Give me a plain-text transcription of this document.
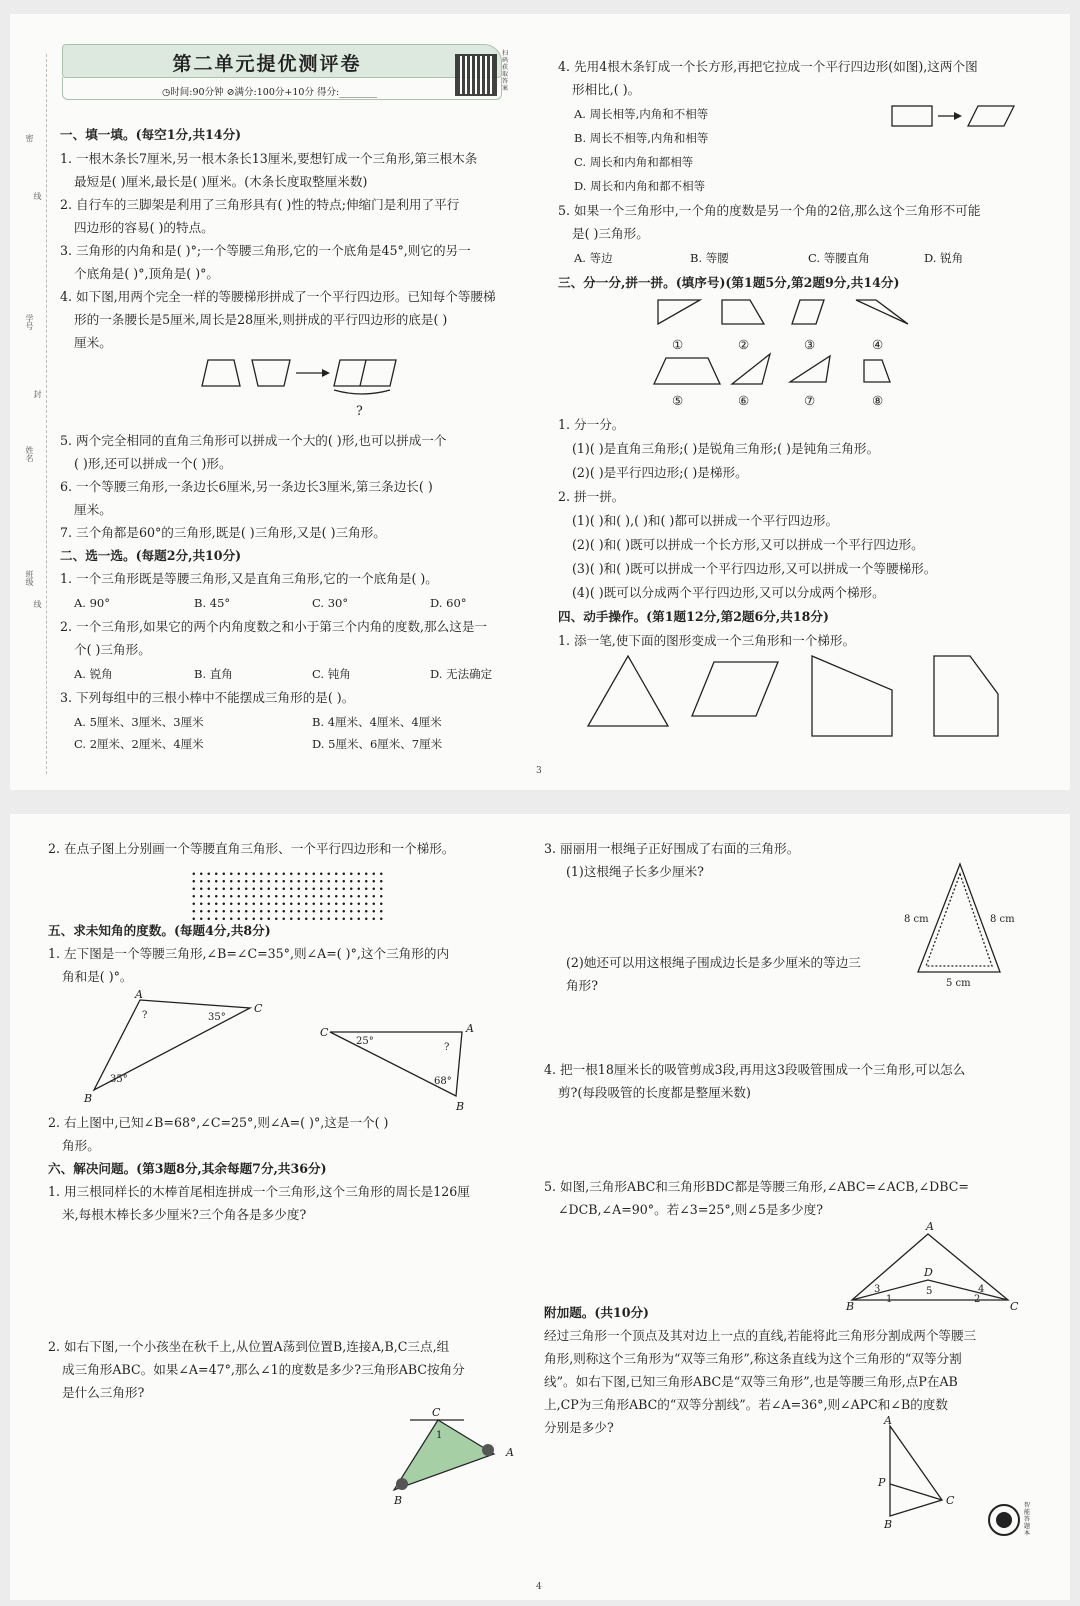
密
线
学号
封
姓名
班级
线
第二单元提优测评卷
◷时间:90分钟 ⊘满分:100分+10分 得分:________
扫码获取答案
一、填一填。(每空1分,共14分)
1. 一根木条长7厘米,另一根木条长13厘米,要想钉成一个三角形,第三根木条
最短是( )厘米,最长是( )厘米。(木条长度取整厘米数)
2. 自行车的三脚架是利用了三角形具有( )性的特点;伸缩门是利用了平行
四边形的容易( )的特点。
3. 三角形的内角和是( )°;一个等腰三角形,它的一个底角是45°,则它的另一
个底角是( )°,顶角是( )°。
4. 如下图,用两个完全一样的等腰梯形拼成了一个平行四边形。已知每个等腰梯
形的一条腰长是5厘米,周长是28厘米,则拼成的平行四边形的底是( )
厘米。
?
5. 两个完全相同的直角三角形可以拼成一个大的( )形,也可以拼成一个
( )形,还可以拼成一个( )形。
6. 一个等腰三角形,一条边长6厘米,另一条边长3厘米,第三条边长( )
厘米。
7. 三个角都是60°的三角形,既是( )三角形,又是( )三角形。
二、选一选。(每题2分,共10分)
1. 一个三角形既是等腰三角形,又是直角三角形,它的一个底角是( )。
A. 90°	B. 45°	C. 30°	D. 60°
2. 一个三角形,如果它的两个内角度数之和小于第三个内角的度数,那么这是一
个( )三角形。
A. 锐角	B. 直角	C. 钝角	D. 无法确定
3. 下列每组中的三根小棒中不能摆成三角形的是( )。
A. 5厘米、3厘米、3厘米	B. 4厘米、4厘米、4厘米
C. 2厘米、2厘米、4厘米	D. 5厘米、6厘米、7厘米
4. 先用4根木条钉成一个长方形,再把它拉成一个平行四边形(如图),这两个图
形相比,( )。
A. 周长相等,内角和不相等
B. 周长不相等,内角和相等
C. 周长和内角和都相等
D. 周长和内角和都不相等
5. 如果一个三角形中,一个角的度数是另一个角的2倍,那么这个三角形不可能
是( )三角形。
A. 等边	B. 等腰	C. 等腰直角	D. 锐角
三、分一分,拼一拼。(填序号)(第1题5分,第2题9分,共14分)
①	②	③	④
⑤	⑥	⑦	⑧
1. 分一分。
(1)( )是直角三角形;( )是锐角三角形;( )是钝角三角形。
(2)( )是平行四边形;( )是梯形。
2. 拼一拼。
(1)( )和( ),( )和( )都可以拼成一个平行四边形。
(2)( )和( )既可以拼成一个长方形,又可以拼成一个平行四边形。
(3)( )和( )既可以拼成一个平行四边形,又可以拼成一个等腰梯形。
(4)( )既可以分成两个平行四边形,又可以分成两个梯形。
四、动手操作。(第1题12分,第2题6分,共18分)
1. 添一笔,使下面的图形变成一个三角形和一个梯形。
3
2. 在点子图上分别画一个等腰直角三角形、一个平行四边形和一个梯形。
五、求未知角的度数。(每题4分,共8分)
1. 左下图是一个等腰三角形,∠B=∠C=35°,则∠A=( )°,这个三角形的内
角和是( )°。
A
B
C
?
35°
35°
C	A
B
25°
?
68°
2. 右上图中,已知∠B=68°,∠C=25°,则∠A=( )°,这是一个( )
角形。
六、解决问题。(第3题8分,其余每题7分,共36分)
1. 用三根同样长的木棒首尾相连拼成一个三角形,这个三角形的周长是126厘
米,每根木棒长多少厘米?三个角各是多少度?
2. 如右下图,一个小孩坐在秋千上,从位置A荡到位置B,连接A,B,C三点,组
成三角形ABC。如果∠A=47°,那么∠1的度数是多少?三角形ABC按角分
是什么三角形?
C
A
B
1
3. 丽丽用一根绳子正好围成了右面的三角形。
(1)这根绳子长多少厘米?
(2)她还可以用这根绳子围成边长是多少厘米的等边三
角形?
8 cm	8 cm
5 cm
4. 把一根18厘米长的吸管剪成3段,再用这3段吸管围成一个三角形,可以怎么
剪?(每段吸管的长度都是整厘米数)
5. 如图,三角形ABC和三角形BDC都是等腰三角形,∠ABC=∠ACB,∠DBC=
∠DCB,∠A=90°。若∠3=25°,则∠5是多少度?
A
B	C
D
1	2
3	4
5
附加题。(共10分)
经过三角形一个顶点及其对边上一点的直线,若能将此三角形分割成两个等腰三
角形,则称这个三角形为“双等三角形”,称这条直线为这个三角形的“双等分割
线”。如右下图,已知三角形ABC是“双等三角形”,也是等腰三角形,点P在AB
上,CP为三角形ABC的“双等分割线”。若∠A=36°,则∠APC和∠B的度数
分别是多少?	A
B
C
P
智能答题本
4
